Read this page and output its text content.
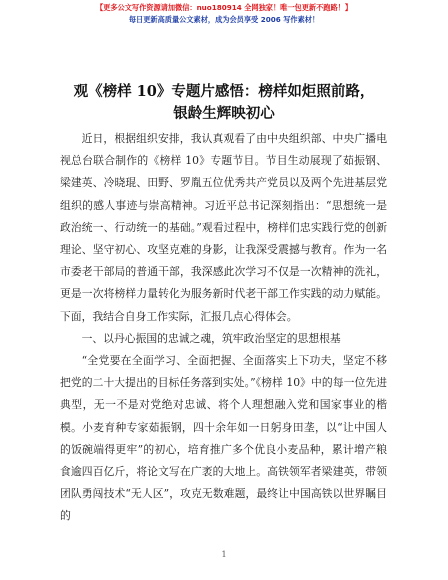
【更多公文写作资源请加微信：nuo180914 全网独家！唯一包更新不跑路！】
每日更新高质量公文素材，成为会员享受 2006 写作素材！
观《榜样 10》专题片感悟：榜样如炬照前路，
银龄生辉映初心

近日，根据组织安排，我认真观看了由中央组织部、中央广播电视总台联合制作的《榜样 10》专题节目。节目生动展现了茹振钢、梁建英、冷晓琨、田野、罗胤五位优秀共产党员以及两个先进基层党组织的感人事迹与崇高精神。习近平总书记深刻指出：“思想统一是政治统一、行动统一的基础。”观看过程中，榜样们忠实践行党的创新理论、坚守初心、攻坚克难的身影，让我深受震撼与教育。作为一名市委老干部局的普通干部，我深感此次学习不仅是一次精神的洗礼，更是一次将榜样力量转化为服务新时代老干部工作实践的动力赋能。下面，我结合自身工作实际，汇报几点心得体会。

一、以丹心振国的忠诚之魂，筑牢政治坚定的思想根基

“全党要在全面学习、全面把握、全面落实上下功夫，坚定不移把党的二十大提出的目标任务落到实处。”《榜样 10》中的每一位先进典型，无一不是对党绝对忠诚、将个人理想融入党和国家事业的楷模。小麦育种专家茹振钢，四十余年如一日躬身田垄，以“让中国人的饭碗端得更牢”的初心，培育推广多个优良小麦品种，累计增产粮食逾四百亿斤，将论文写在广袤的大地上。高铁领军者梁建英，带领团队勇闯技术“无人区”，攻克无数难题，最终让中国高铁以世界瞩目的

1
